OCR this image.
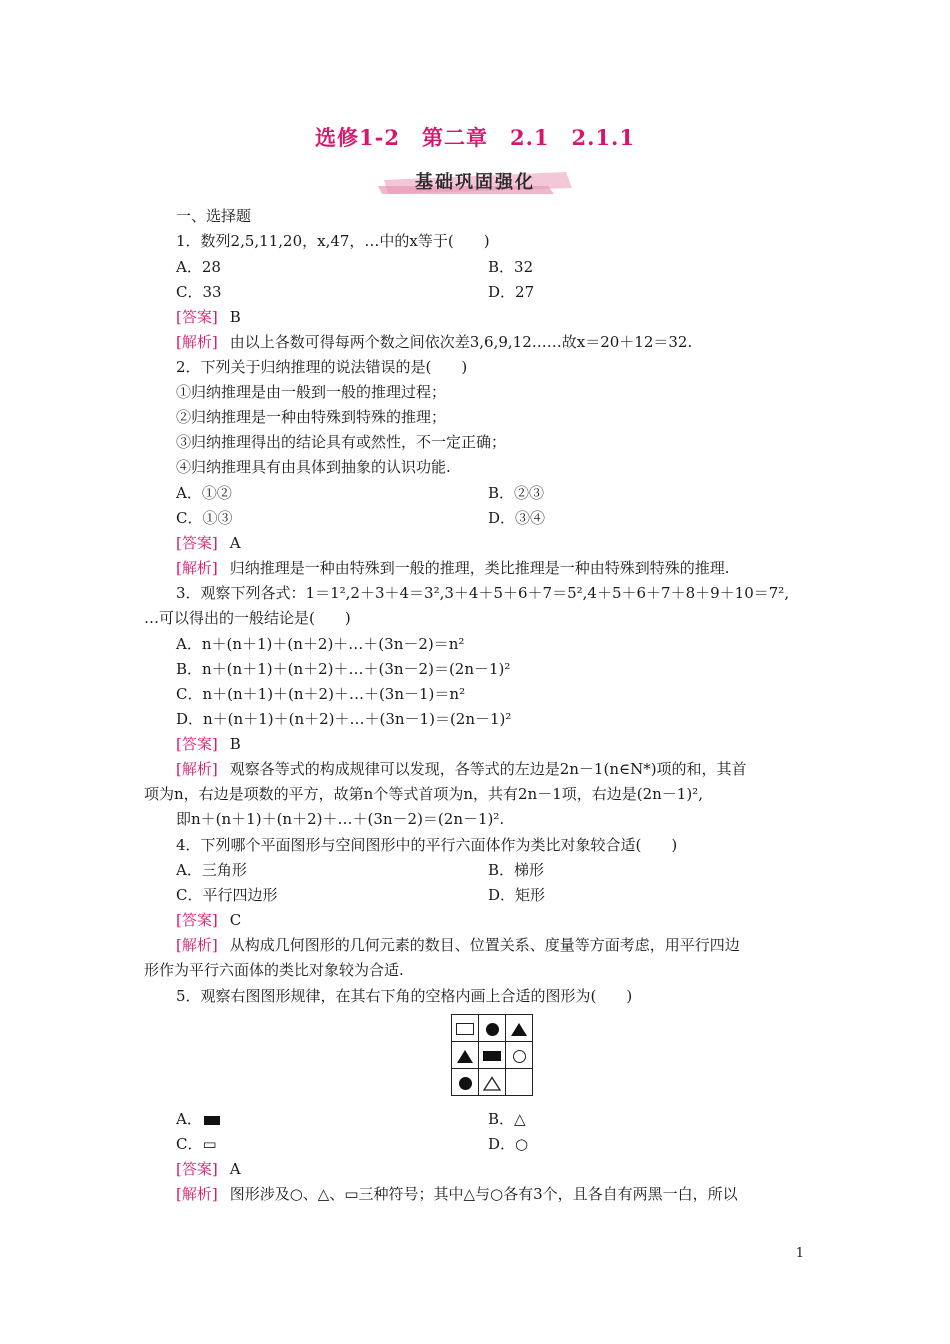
选修1-2　第二章　2.1　2.1.1
基础巩固强化
一、选择题
1．数列2,5,11,20，x,47，…中的x等于(　　)
A．28	B．32
C．33	D．27
[答案] B
[解析] 由以上各数可得每两个数之间依次差3,6,9,12……故x＝20＋12＝32.
2．下列关于归纳推理的说法错误的是(　　)
①归纳推理是由一般到一般的推理过程；
②归纳推理是一种由特殊到特殊的推理；
③归纳推理得出的结论具有或然性，不一定正确；
④归纳推理具有由具体到抽象的认识功能.
A．①②	B．②③
C．①③	D．③④
[答案] A
[解析] 归纳推理是一种由特殊到一般的推理，类比推理是一种由特殊到特殊的推理.
3．观察下列各式：1＝1²,2＋3＋4＝3²,3＋4＋5＋6＋7＝5²,4＋5＋6＋7＋8＋9＋10＝7²,
…可以得出的一般结论是(　　)
A．n＋(n＋1)＋(n＋2)＋…＋(3n－2)＝n²
B．n＋(n＋1)＋(n＋2)＋…＋(3n－2)＝(2n－1)²
C．n＋(n＋1)＋(n＋2)＋…＋(3n－1)＝n²
D．n＋(n＋1)＋(n＋2)＋…＋(3n－1)＝(2n－1)²
[答案] B
[解析] 观察各等式的构成规律可以发现，各等式的左边是2n－1(n∈N*)项的和，其首
项为n，右边是项数的平方，故第n个等式首项为n，共有2n－1项，右边是(2n－1)²,
即n＋(n＋1)＋(n＋2)＋…＋(3n－2)＝(2n－1)².
4．下列哪个平面图形与空间图形中的平行六面体作为类比对象较合适(　　)
A．三角形	B．梯形
C．平行四边形	D．矩形
[答案] C
[解析] 从构成几何图形的几何元素的数目、位置关系、度量等方面考虑，用平行四边
形作为平行六面体的类比对象较为合适.
5．观察右图图形规律，在其右下角的空格内画上合适的图形为(　　)

A．	B．△
C．▭	D．○
[答案] A
[解析] 图形涉及○、△、▭三种符号；其中△与○各有3个，且各自有两黑一白，所以
1
